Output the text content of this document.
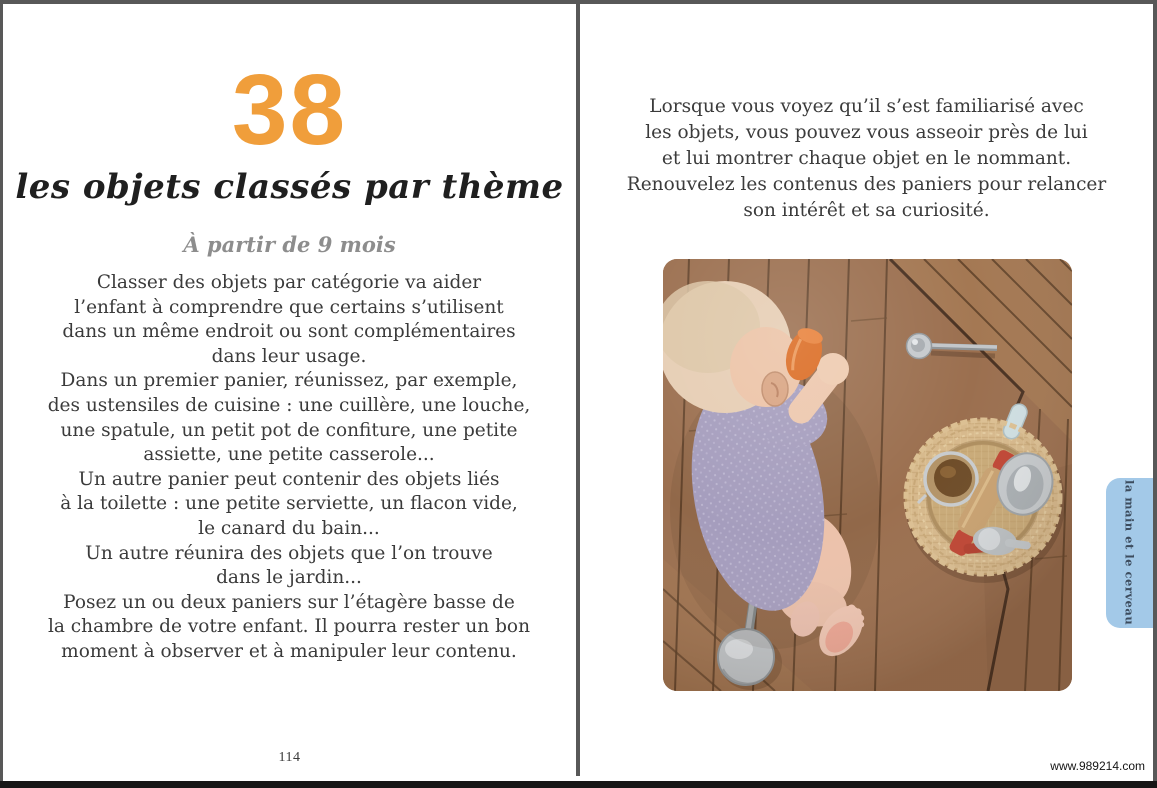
38
les objets classés par thème
À partir de 9 mois
Classer des objets par catégorie va aider
l’enfant à comprendre que certains s’utilisent
dans un même endroit ou sont complémentaires
dans leur usage.
Dans un premier panier, réunissez, par exemple,
des ustensiles de cuisine : une cuillère, une louche,
une spatule, un petit pot de confiture, une petite
assiette, une petite casserole...
Un autre panier peut contenir des objets liés
à la toilette : une petite serviette, un flacon vide,
le canard du bain...
Un autre réunira des objets que l’on trouve
dans le jardin...
Posez un ou deux paniers sur l’étagère basse de
la chambre de votre enfant. Il pourra rester un bon
moment à observer et à manipuler leur contenu.
114
Lorsque vous voyez qu’il s’est familiarisé avec
les objets, vous pouvez vous asseoir près de lui
et lui montrer chaque objet en le nommant.
Renouvelez les contenus des paniers pour relancer
son intérêt et sa curiosité.
la main et le cerveau
www.989214.com
